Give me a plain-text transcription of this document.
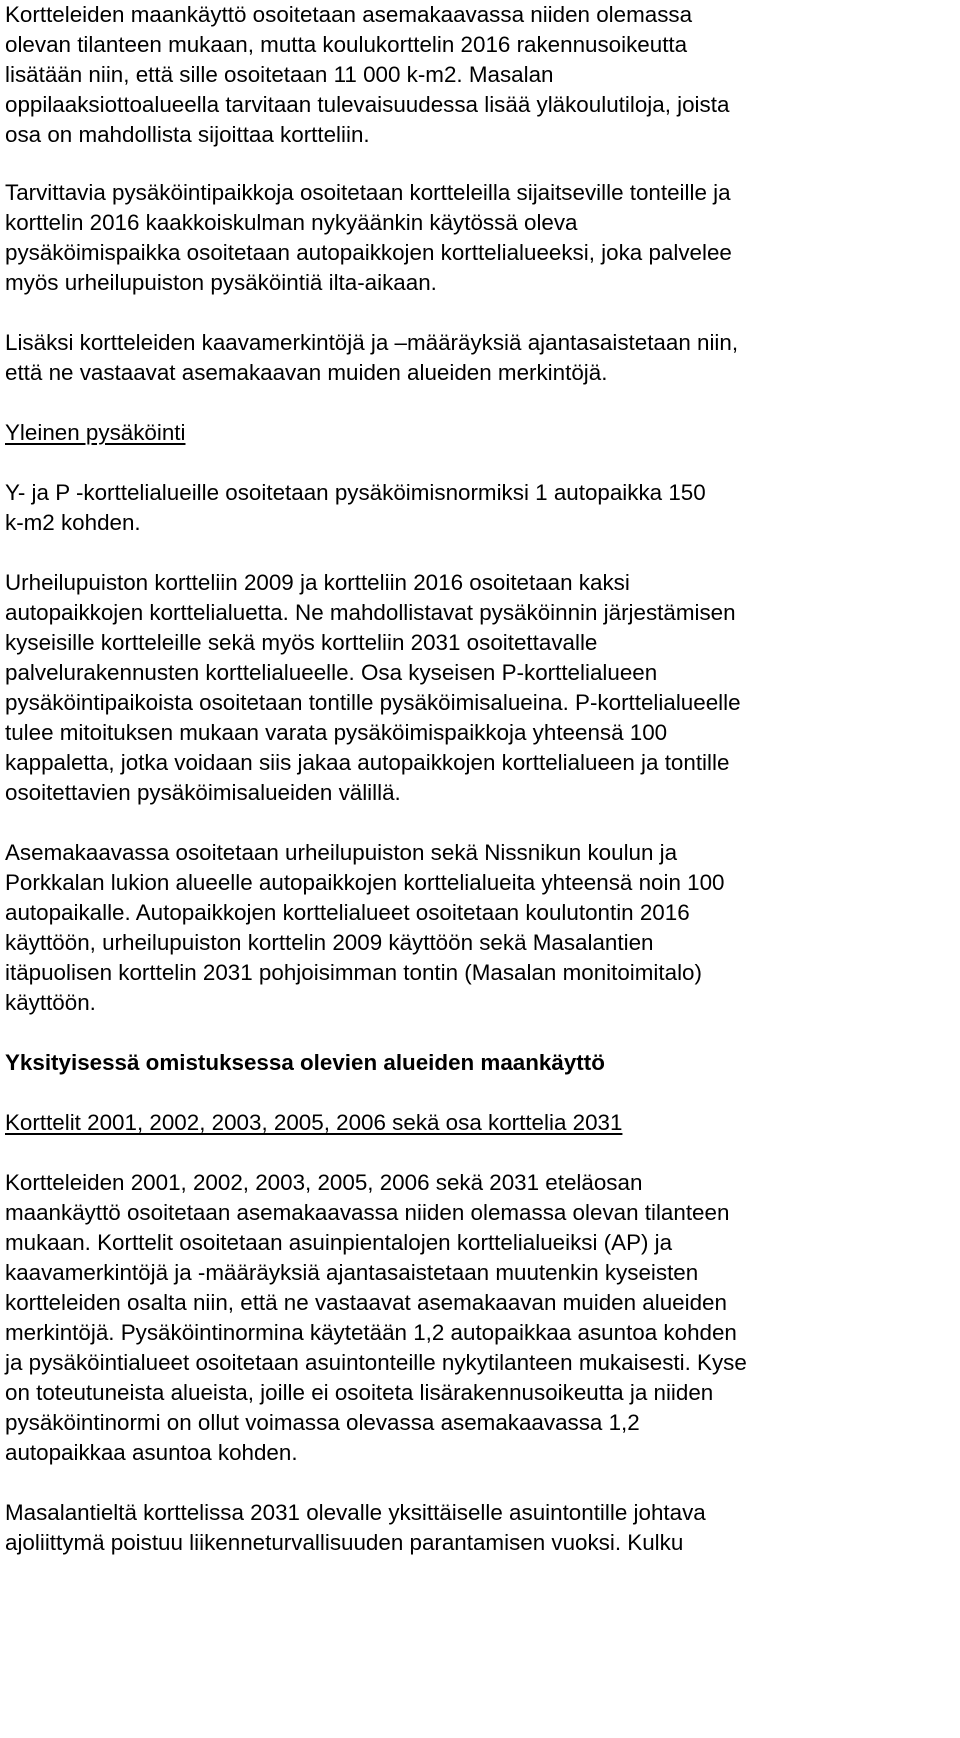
Kortteleiden maankäyttö osoitetaan asemakaavassa niiden olemassa
olevan tilanteen mukaan, mutta koulukorttelin 2016 rakennusoikeutta
lisätään niin, että sille osoitetaan 11 000 k-m2. Masalan
oppilaaksiottoalueella tarvitaan tulevaisuudessa lisää yläkoulutiloja, joista
osa on mahdollista sijoittaa kortteliin.
Tarvittavia pysäköintipaikkoja osoitetaan kortteleilla sijaitseville tonteille ja
korttelin 2016 kaakkoiskulman nykyäänkin käytössä oleva
pysäköimispaikka osoitetaan autopaikkojen korttelialueeksi, joka palvelee
myös urheilupuiston pysäköintiä ilta-aikaan.
Lisäksi kortteleiden kaavamerkintöjä ja –määräyksiä ajantasaistetaan niin,
että ne vastaavat asemakaavan muiden alueiden merkintöjä.
Yleinen pysäköinti
Y- ja P -korttelialueille osoitetaan pysäköimisnormiksi 1 autopaikka 150
k-m2 kohden.
Urheilupuiston kortteliin 2009 ja kortteliin 2016 osoitetaan kaksi
autopaikkojen korttelialuetta. Ne mahdollistavat pysäköinnin järjestämisen
kyseisille kortteleille sekä myös kortteliin 2031 osoitettavalle
palvelurakennusten korttelialueelle. Osa kyseisen P-korttelialueen
pysäköintipaikoista osoitetaan tontille pysäköimisalueina. P-korttelialueelle
tulee mitoituksen mukaan varata pysäköimispaikkoja yhteensä 100
kappaletta, jotka voidaan siis jakaa autopaikkojen korttelialueen ja tontille
osoitettavien pysäköimisalueiden välillä.
Asemakaavassa osoitetaan urheilupuiston sekä Nissnikun koulun ja
Porkkalan lukion alueelle autopaikkojen korttelialueita yhteensä noin 100
autopaikalle. Autopaikkojen korttelialueet osoitetaan koulutontin 2016
käyttöön, urheilupuiston korttelin 2009 käyttöön sekä Masalantien
itäpuolisen korttelin 2031 pohjoisimman tontin (Masalan monitoimitalo)
käyttöön.
Yksityisessä omistuksessa olevien alueiden maankäyttö
Korttelit 2001, 2002, 2003, 2005, 2006 sekä osa korttelia 2031
Kortteleiden 2001, 2002, 2003, 2005, 2006 sekä 2031 eteläosan
maankäyttö osoitetaan asemakaavassa niiden olemassa olevan tilanteen
mukaan. Korttelit osoitetaan asuinpientalojen korttelialueiksi (AP) ja
kaavamerkintöjä ja -määräyksiä ajantasaistetaan muutenkin kyseisten
kortteleiden osalta niin, että ne vastaavat asemakaavan muiden alueiden
merkintöjä. Pysäköintinormina käytetään 1,2 autopaikkaa asuntoa kohden
ja pysäköintialueet osoitetaan asuintonteille nykytilanteen mukaisesti. Kyse
on toteutuneista alueista, joille ei osoiteta lisärakennusoikeutta ja niiden
pysäköintinormi on ollut voimassa olevassa asemakaavassa 1,2
autopaikkaa asuntoa kohden.
Masalantieltä korttelissa 2031 olevalle yksittäiselle asuintontille johtava
ajoliittymä poistuu liikenneturvallisuuden parantamisen vuoksi. Kulku
